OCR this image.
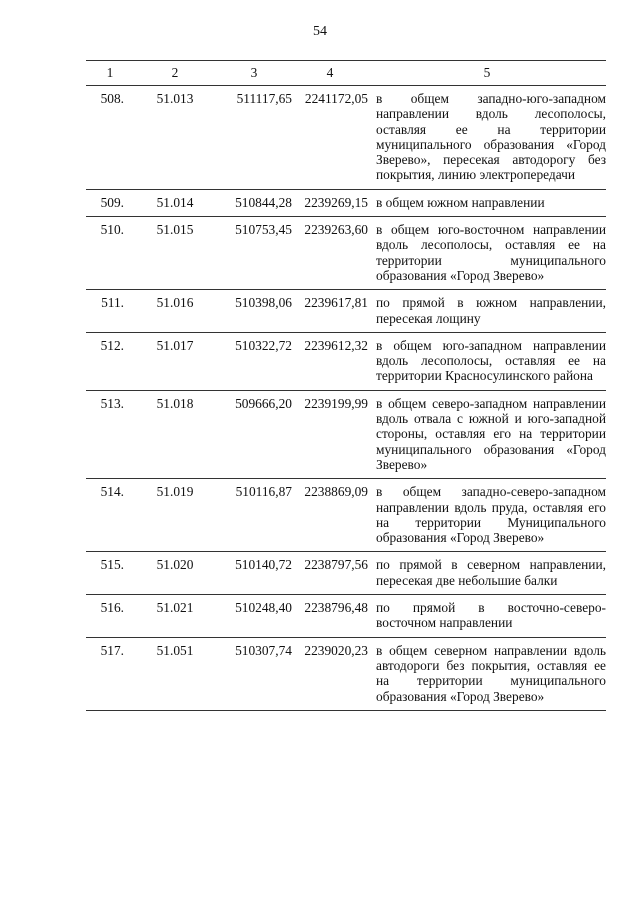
54
1	2	3	4	5
508.	51.013	511117,65	2241172,05	в общем западно-юго-западном направлении вдоль лесополосы, оставляя ее на территории муниципального образования «Город Зверево», пересекая автодорогу без покрытия, линию электропередачи
509.	51.014	510844,28	2239269,15	в общем южном направлении
510.	51.015	510753,45	2239263,60	в общем юго-восточном направлении вдоль лесополосы, оставляя ее на территории муниципального образования «Город Зверево»
511.	51.016	510398,06	2239617,81	по прямой в южном направлении, пересекая лощину
512.	51.017	510322,72	2239612,32	в общем юго-западном направлении вдоль лесополосы, оставляя ее на территории Красносулинского района
513.	51.018	509666,20	2239199,99	в общем северо-западном направлении вдоль отвала с южной и юго-западной стороны, оставляя его на территории муниципального образования «Город Зверево»
514.	51.019	510116,87	2238869,09	в общем западно-северо-западном направлении вдоль пруда, оставляя его на территории Муниципального образования «Город Зверево»
515.	51.020	510140,72	2238797,56	по прямой в северном направлении, пересекая две небольшие балки
516.	51.021	510248,40	2238796,48	по прямой в восточно-северо-восточном направлении
517.	51.051	510307,74	2239020,23	в общем северном направлении вдоль автодороги без покрытия, оставляя ее на территории муниципального образования «Город Зверево»
